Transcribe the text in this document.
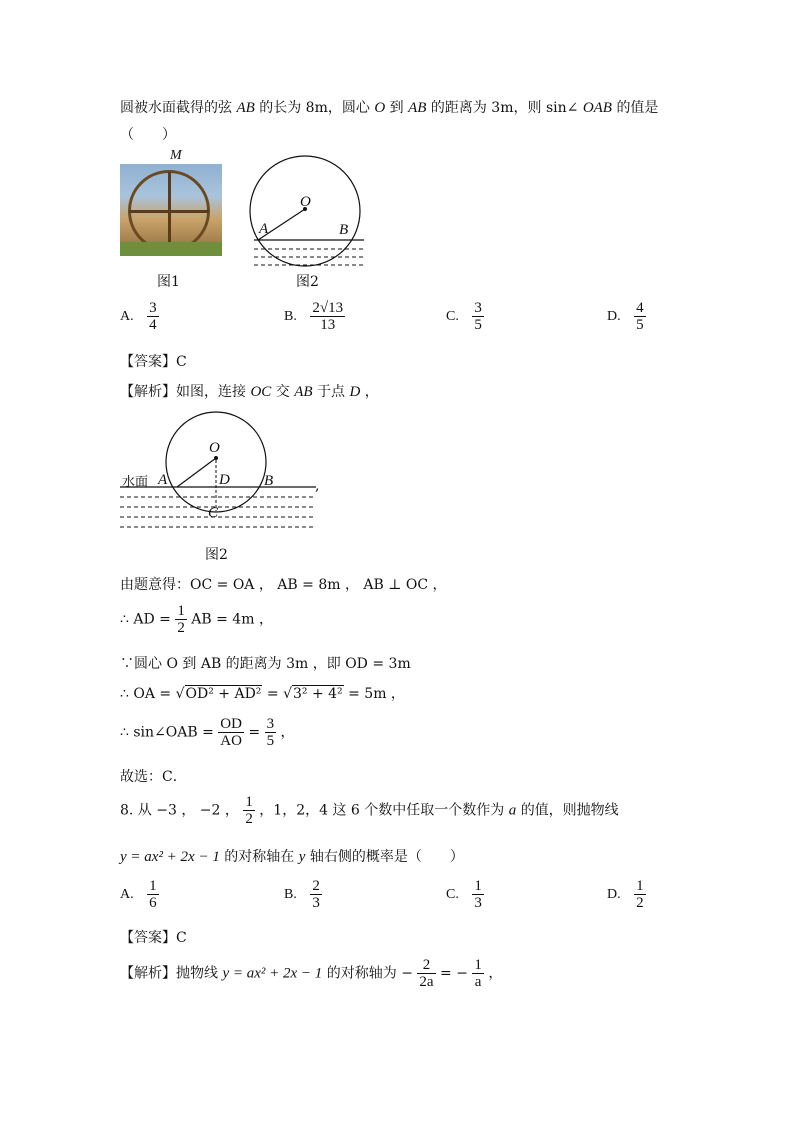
圆被水面截得的弦 AB 的长为 8m，圆心 O 到 AB 的距离为 3m，则 sin∠ OAB 的值是
（　　）
M
图1
O
A	B
图2
A. $\frac{3}{4}$	B. $\frac{2√13}{13}$	C. $\frac{3}{5}$	D. $\frac{4}{5}$
【答案】C
【解析】如图，连接 OC 交 AB 于点 D ，
水面
O
A	D B
C
,
图2
由题意得：OC = OA ， AB = 8m ， AB ⊥ OC ，
∴ AD = $\frac{1}{2}$ AB = 4m ，
∵圆心 O 到 AB 的距离为 3m ，即 OD = 3m
∴ OA = √OD² + AD² = √3² + 4² = 5m ，
∴ sin∠OAB = $\frac{OD}{AO} = \frac{3}{5}$ ，
故选：C．
8. 从 −3 ， −2 ， $\frac{1}{2}$ ，1，2，4 这 6 个数中任取一个数作为 a 的值，则抛物线
y = ax² + 2x − 1 的对称轴在 y 轴右侧的概率是（　　）
A. $\frac{1}{6}$	B. $\frac{2}{3}$	C. $\frac{1}{3}$	D. $\frac{1}{2}$
【答案】C
【解析】抛物线 y = ax² + 2x − 1 的对称轴为 − $\frac{2}{2a}$ = − $\frac{1}{a}$ ，
